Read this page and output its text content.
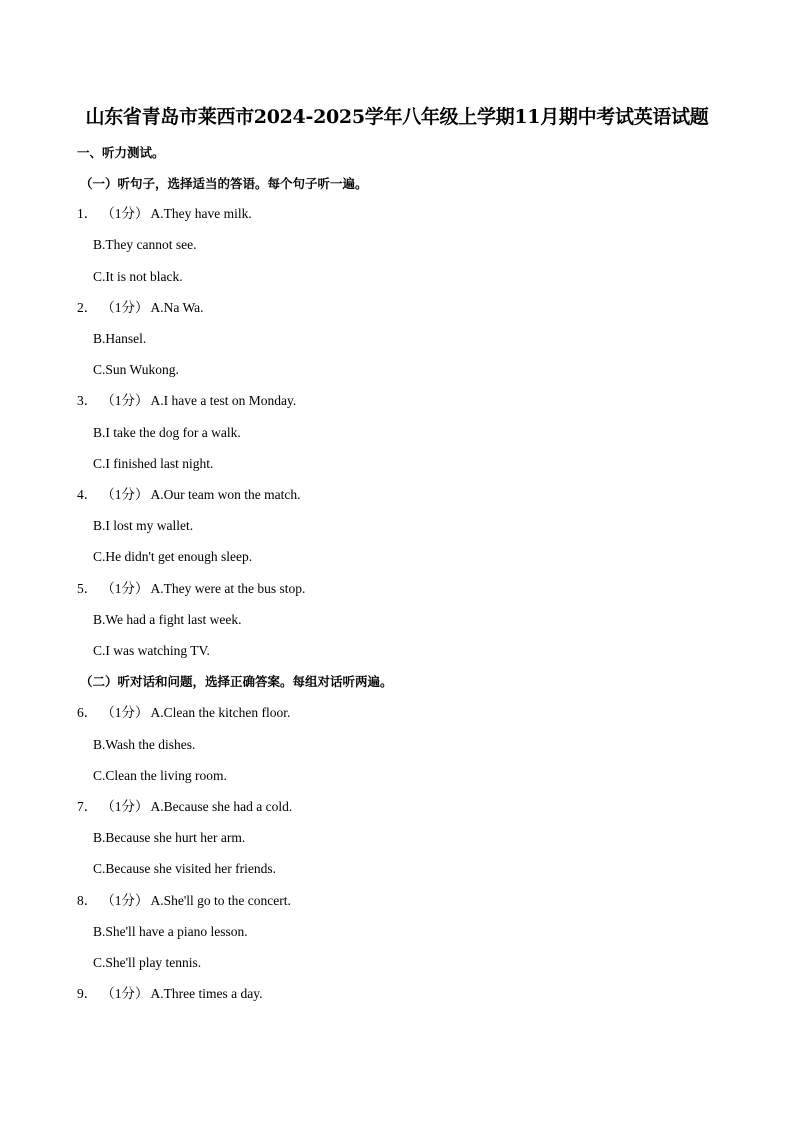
山东省青岛市莱西市2024-2025学年八年级上学期11月期中考试英语试题
一、听力测试。
（一）听句子，选择适当的答语。每个句子听一遍。
1． （1分） A.They have milk.
B.They cannot see.
C.It is not black.
2． （1分） A.Na Wa.
B.Hansel.
C.Sun Wukong.
3． （1分） A.I have a test on Monday.
B.I take the dog for a walk.
C.I finished last night.
4． （1分） A.Our team won the match.
B.I lost my wallet.
C.He didn't get enough sleep.
5． （1分） A.They were at the bus stop.
B.We had a fight last week.
C.I was watching TV.
（二）听对话和问题，选择正确答案。每组对话听两遍。
6． （1分） A.Clean the kitchen floor.
B.Wash the dishes.
C.Clean the living room.
7． （1分） A.Because she had a cold.
B.Because she hurt her arm.
C.Because she visited her friends.
8． （1分） A.She'll go to the concert.
B.She'll have a piano lesson.
C.She'll play tennis.
9． （1分） A.Three times a day.
